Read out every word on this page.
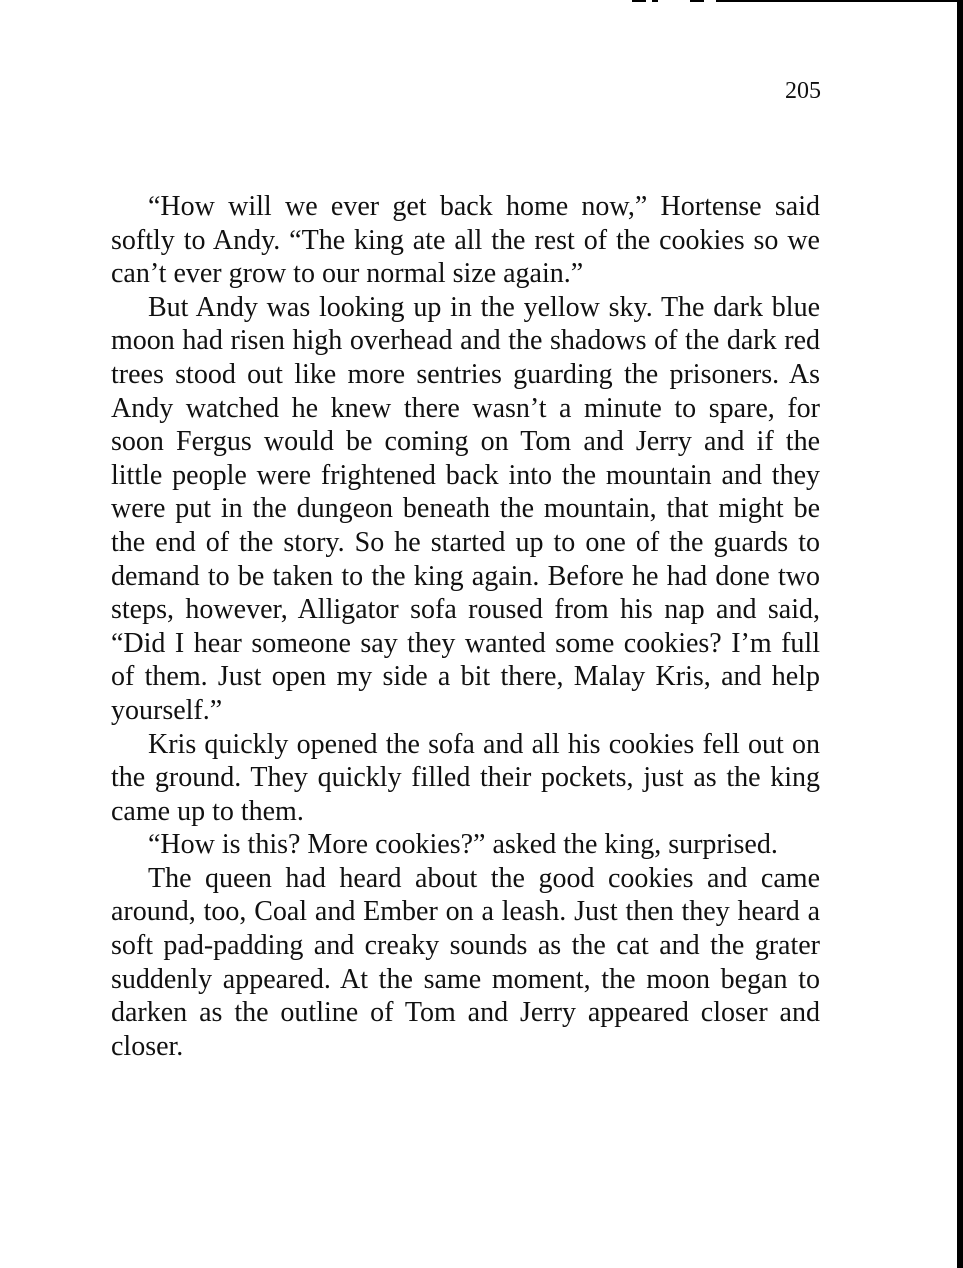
205

“How will we ever get back home now,” Hortense said softly to Andy. “The king ate all the rest of the cookies so we can’t ever grow to our normal size again.”

But Andy was looking up in the yellow sky. The dark blue moon had risen high overhead and the shadows of the dark red trees stood out like more sentries guarding the prisoners. As Andy watched he knew there wasn’t a minute to spare, for soon Fergus would be coming on Tom and Jerry and if the little people were frightened back into the mountain and they were put in the dungeon beneath the mountain, that might be the end of the story. So he started up to one of the guards to demand to be taken to the king again. Before he had done two steps, however, Alligator sofa roused from his nap and said, “Did I hear someone say they wanted some cookies? I’m full of them. Just open my side a bit there, Malay Kris, and help yourself.”

Kris quickly opened the sofa and all his cookies fell out on the ground. They quickly filled their pockets, just as the king came up to them.

“How is this? More cookies?” asked the king, surprised.

The queen had heard about the good cookies and came around, too, Coal and Ember on a leash. Just then they heard a soft pad-padding and creaky sounds as the cat and the grater suddenly appeared. At the same moment, the moon began to darken as the outline of Tom and Jerry appeared closer and closer.
